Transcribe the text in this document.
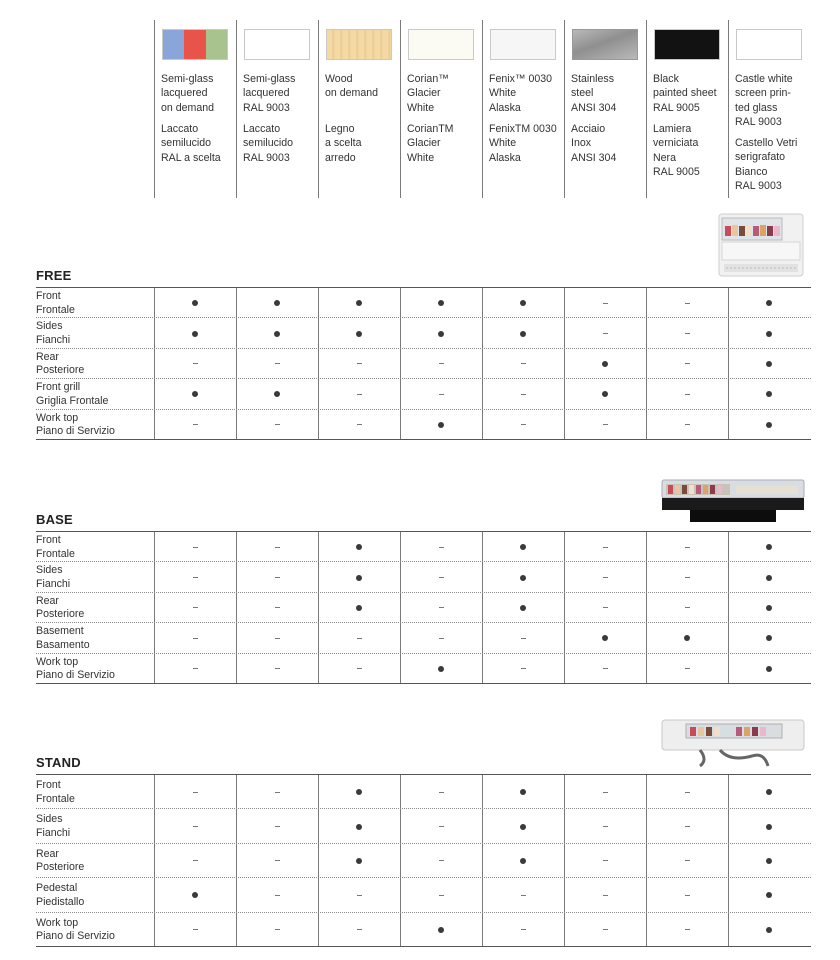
Semi-glass
lacquered
on demand
Laccato
semilucido
RAL a scelta
Semi-glass
lacquered
RAL 9003
Laccato
semilucido
RAL 9003
Wood
on demand
Legno
a scelta
arredo
Corian™
Glacier
White
CorianTM
Glacier
White
Fenix™ 0030
White
Alaska
FenixTM 0030
White
Alaska
Stainless
steel
ANSI 304
Acciaio
Inox
ANSI 304
Black
painted sheet
RAL 9005
Lamiera
verniciata
Nera
RAL 9005
Castle white
screen prin-
ted glass
RAL 9003
Castello Vetri
serigrafato
Bianco
RAL 9003
FREE
Front
Frontale
Sides
Fianchi
Rear
Posteriore
Front grill
Griglia Frontale
Work top
Piano di Servizio
BASE
Front
Frontale
Sides
Fianchi
Rear
Posteriore
Basement
Basamento
Work top
Piano di Servizio
STAND
Front
Frontale
Sides
Fianchi
Rear
Posteriore
Pedestal
Piedistallo
Work top
Piano di Servizio
